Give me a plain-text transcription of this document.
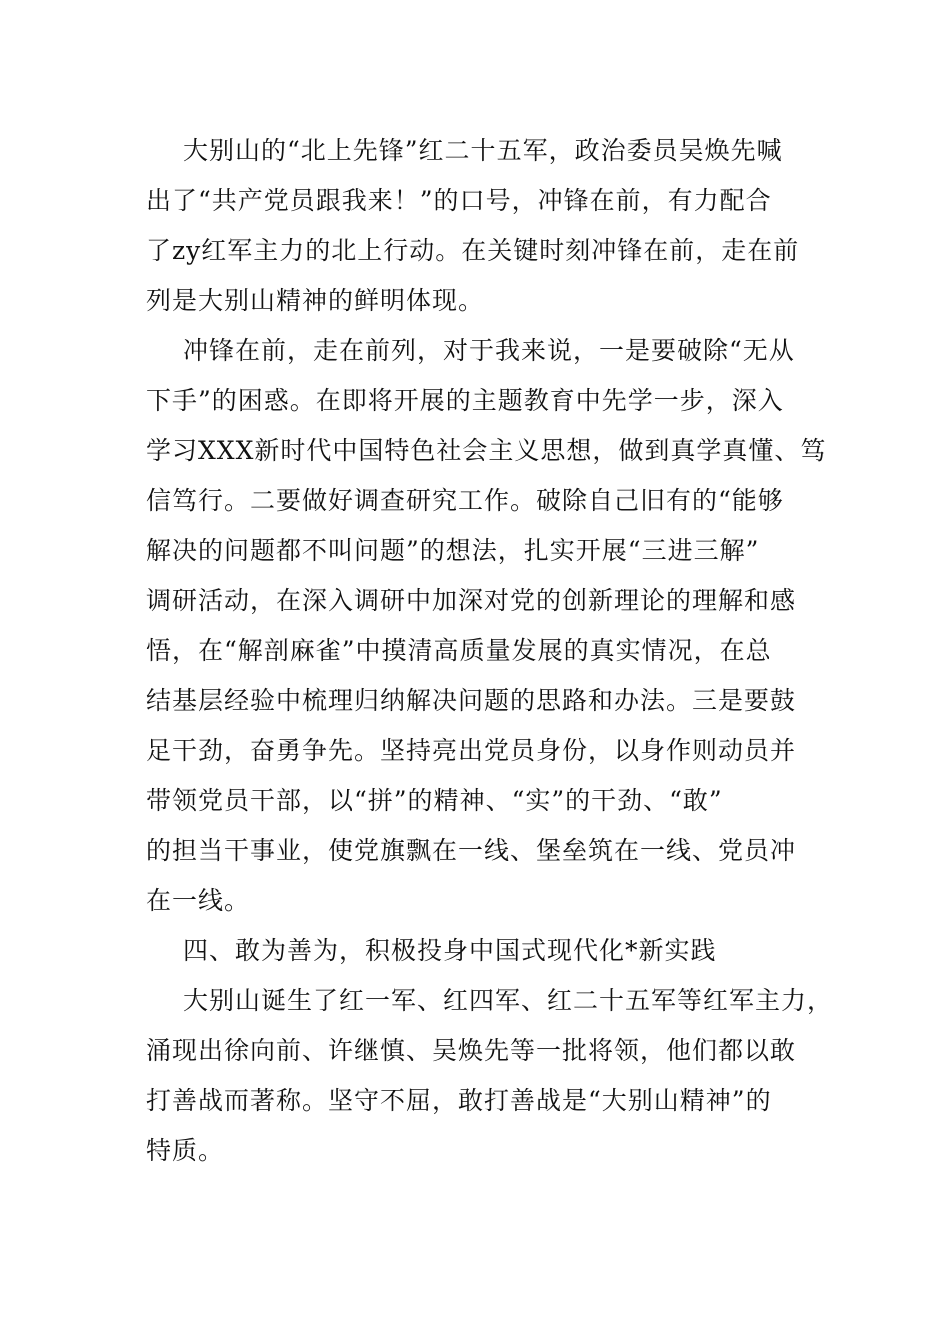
大别山的“北上先锋”红二十五军，政治委员吴焕先喊
出了“共产党员跟我来！”的口号，冲锋在前，有力配合
了zy红军主力的北上行动。在关键时刻冲锋在前，走在前
列是大别山精神的鲜明体现。
冲锋在前，走在前列，对于我来说，一是要破除“无从
下手”的困惑。在即将开展的主题教育中先学一步，深入
学习XXX新时代中国特色社会主义思想，做到真学真懂、笃
信笃行。二要做好调查研究工作。破除自己旧有的“能够
解决的问题都不叫问题”的想法，扎实开展“三进三解”
调研活动，在深入调研中加深对党的创新理论的理解和感
悟，在“解剖麻雀”中摸清高质量发展的真实情况，在总
结基层经验中梳理归纳解决问题的思路和办法。三是要鼓
足干劲，奋勇争先。坚持亮出党员身份，以身作则动员并
带领党员干部，以“拼”的精神、“实”的干劲、“敢”
的担当干事业，使党旗飘在一线、堡垒筑在一线、党员冲
在一线。
四、敢为善为，积极投身中国式现代化*新实践
大别山诞生了红一军、红四军、红二十五军等红军主力，
涌现出徐向前、许继慎、吴焕先等一批将领，他们都以敢
打善战而著称。坚守不屈，敢打善战是“大别山精神”的
特质。
